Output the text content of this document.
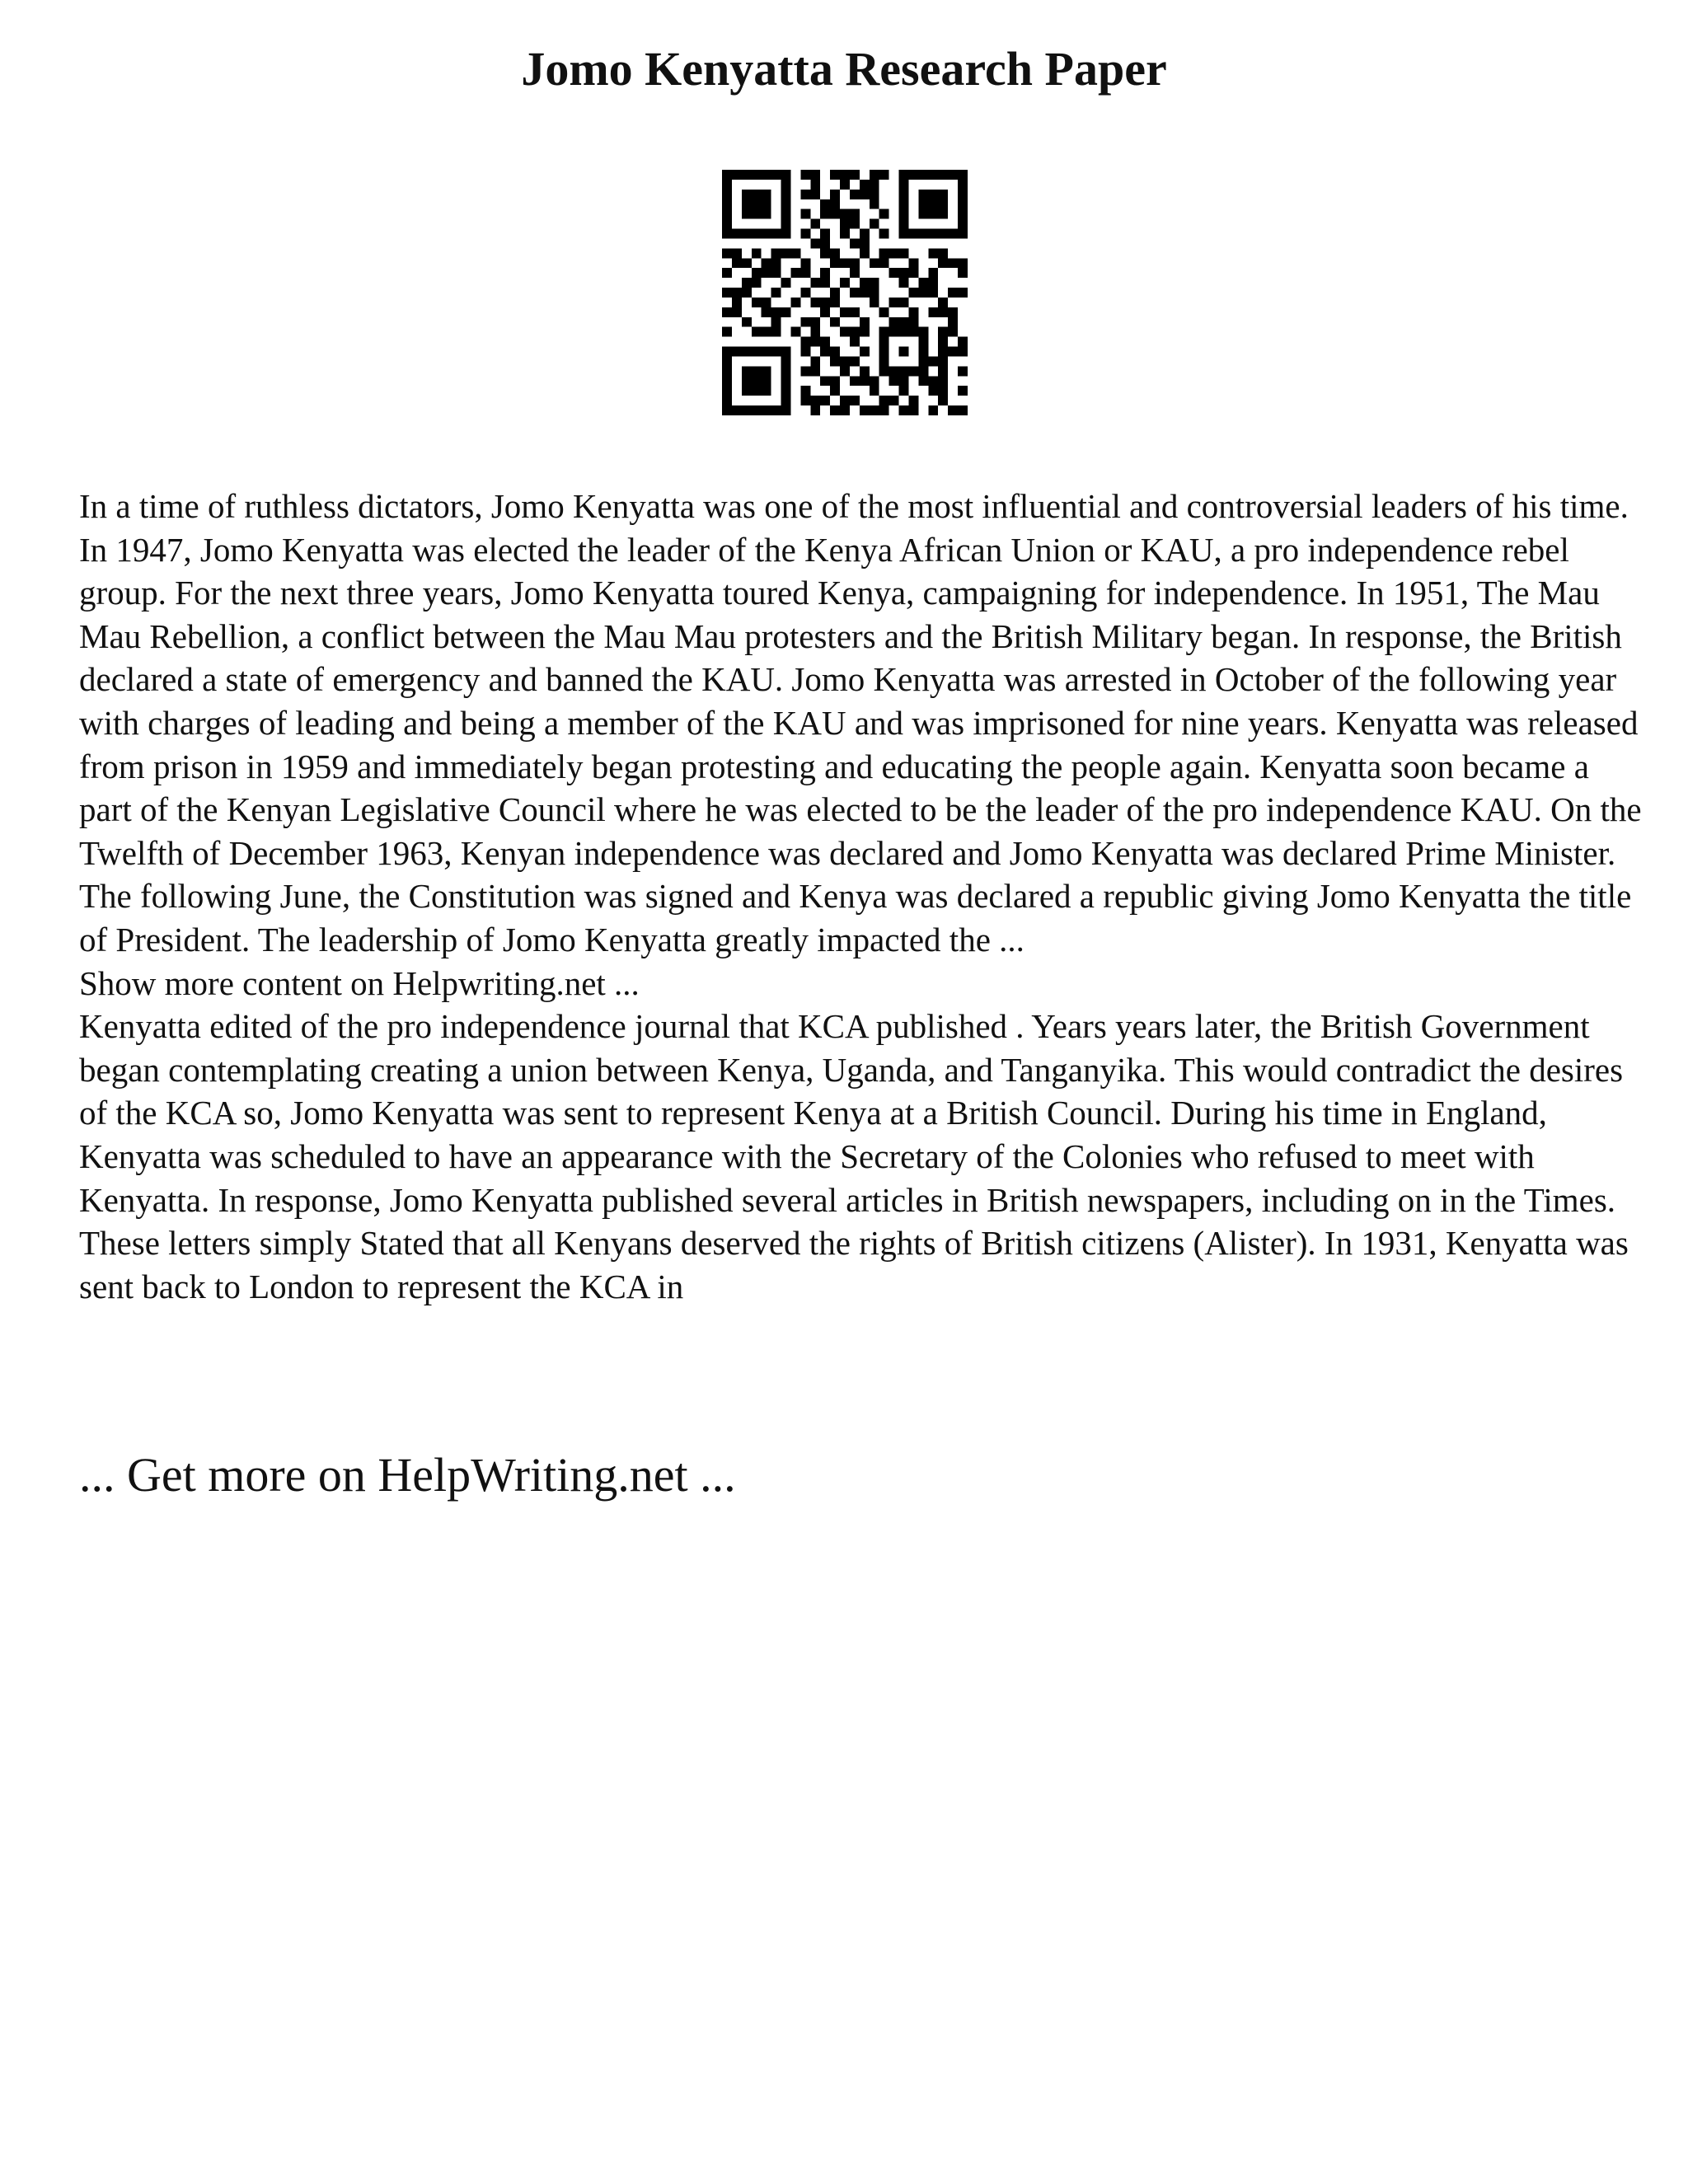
Jomo Kenyatta Research Paper

In a time of ruthless dictators, Jomo Kenyatta was one of the most influential and controversial leaders of his time. In 1947, Jomo Kenyatta was elected the leader of the Kenya African Union or KAU, a pro independence rebel group. For the next three years, Jomo Kenyatta toured Kenya, campaigning for independence. In 1951, The Mau Mau Rebellion, a conflict between the Mau Mau protesters and the British Military began. In response, the British declared a state of emergency and banned the KAU. Jomo Kenyatta was arrested in October of the following year with charges of leading and being a member of the KAU and was imprisoned for nine years. Kenyatta was released from prison in 1959 and immediately began protesting and educating the people again. Kenyatta soon became a part of the Kenyan Legislative Council where he was elected to be the leader of the pro independence KAU. On the Twelfth of December 1963, Kenyan independence was declared and Jomo Kenyatta was declared Prime Minister. The following June, the Constitution was signed and Kenya was declared a republic giving Jomo Kenyatta the title of President. The leadership of Jomo Kenyatta greatly impacted the ...

Show more content on Helpwriting.net ...

Kenyatta edited of the pro independence journal that KCA published . Years years later, the British Government began contemplating creating a union between Kenya, Uganda, and Tanganyika. This would contradict the desires of the KCA so, Jomo Kenyatta was sent to represent Kenya at a British Council. During his time in England, Kenyatta was scheduled to have an appearance with the Secretary of the Colonies who refused to meet with Kenyatta. In response, Jomo Kenyatta published several articles in British newspapers, including on in the Times. These letters simply Stated that all Kenyans deserved the rights of British citizens (Alister). In 1931, Kenyatta was sent back to London to represent the KCA in

... Get more on HelpWriting.net ...
